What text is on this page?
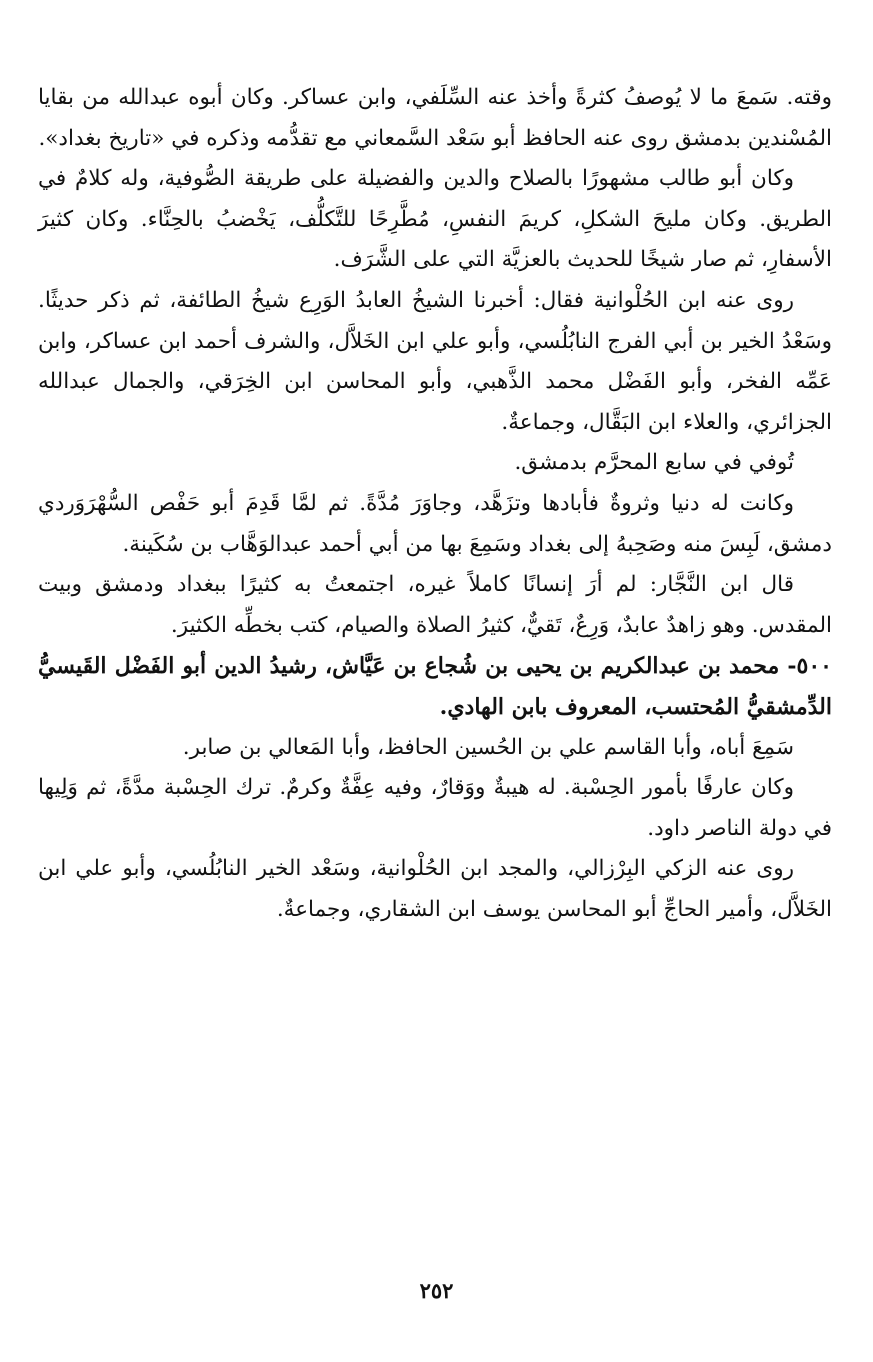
وقته. سَمعَ ما لا يُوصفُ كثرةً وأخذ عنه السِّلَفي، وابن عساكر. وكان أبوه عبدالله من بقايا المُسْندين بدمشق روى عنه الحافظ أبو سَعْد السَّمعاني مع تقدُّمه وذكره في «تاريخ بغداد».

وكان أبو طالب مشهورًا بالصلاح والدين والفضيلة على طريقة الصُّوفية، وله كلامٌ في الطريق. وكان مليحَ الشكلِ، كريمَ النفسِ، مُطَّرِحًا للتَّكلُّف، يَخْضبُ بالحِنَّاء. وكان كثيرَ الأسفارِ، ثم صار شيخًا للحديث بالعزيَّة التي على الشَّرَف.

روى عنه ابن الحُلْوانية فقال: أخبرنا الشيخُ العابدُ الوَرِع شيخُ الطائفة، ثم ذكر حديثًا. وسَعْدُ الخير بن أبي الفرج النابُلُسي، وأبو علي ابن الخَلاَّل، والشرف أحمد ابن عساكر، وابن عَمِّه الفخر، وأبو الفَضْل محمد الذَّهبي، وأبو المحاسن ابن الخِرَقي، والجمال عبدالله الجزائري، والعلاء ابن البَقَّال، وجماعةٌ.

تُوفي في سابع المحرَّم بدمشق.

وكانت له دنيا وثروةٌ فأبادها وتزَهَّد، وجاوَرَ مُدَّةً. ثم لمَّا قَدِمَ أبو حَفْص السُّهْرَوَردي دمشق، لَبِسَ منه وصَحِبهُ إلى بغداد وسَمِعَ بها من أبي أحمد عبدالوَهَّاب بن سُكَينة.

قال ابن النَّجَّار: لم أرَ إنسانًا كاملاً غيره، اجتمعتُ به كثيرًا ببغداد ودمشق وبيت المقدس. وهو زاهدٌ عابدٌ، وَرِعٌ، تَقيٌّ، كثيرُ الصلاة والصيام، كتب بخطِّه الكثيرَ.

٥٠٠- محمد بن عبدالكريم بن يحيى بن شُجاع بن عَيَّاش، رشيدُ الدين أبو الفَضْل القَيسيُّ الدِّمشقيُّ المُحتسب، المعروف بابن الهادي.

سَمِعَ أباه، وأبا القاسم علي بن الحُسين الحافظ، وأبا المَعالي بن صابر.

وكان عارفًا بأمور الحِسْبة. له هيبةٌ ووَقارٌ، وفيه عِفَّةٌ وكرمٌ. ترك الحِسْبة مدَّةً، ثم وَلِيها في دولة الناصر داود.

روى عنه الزكي البِرْزالي، والمجد ابن الحُلْوانية، وسَعْد الخير النابُلُسي، وأبو علي ابن الخَلاَّل، وأمير الحاجِّ أبو المحاسن يوسف ابن الشقاري، وجماعةٌ.

٢٥٢
